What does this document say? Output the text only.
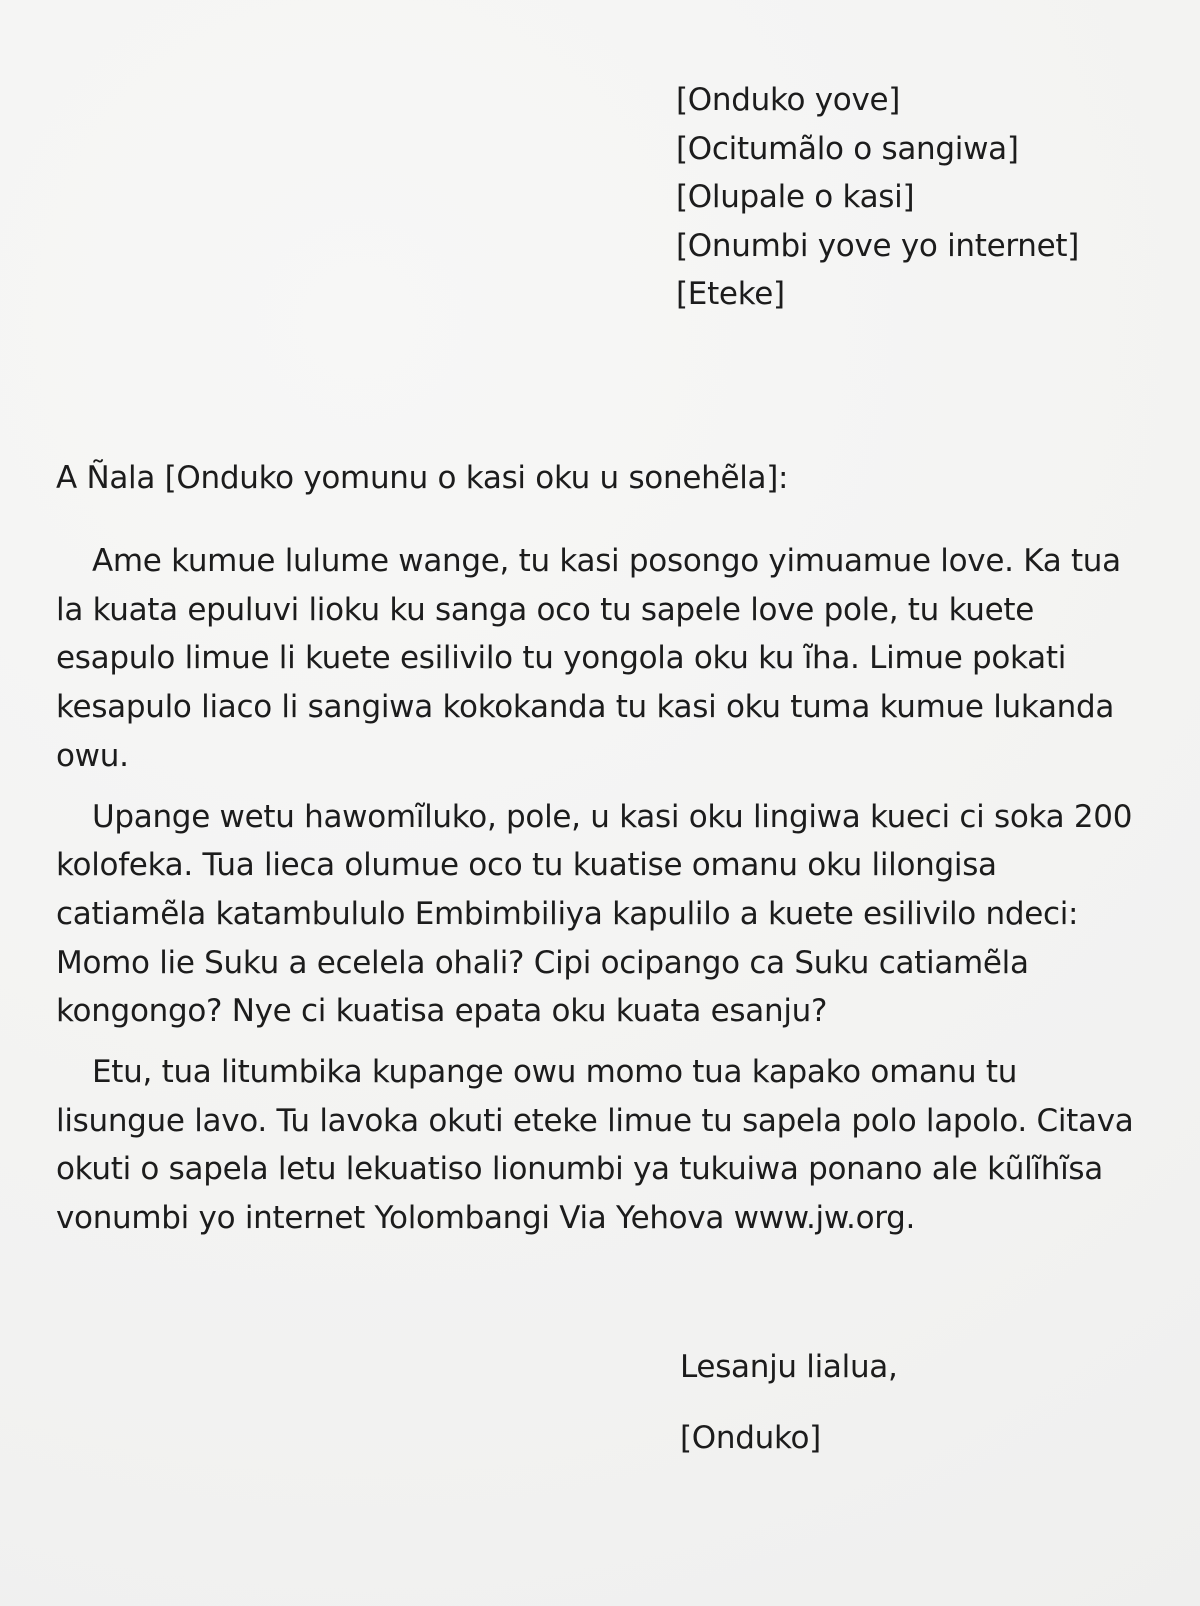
[Onduko yove]
[Ocitumãlo o sangiwa]
[Olupale o kasi]
[Onumbi yove yo internet]
[Eteke]
A Ñala [Onduko yomunu o kasi oku u sonehẽla]:

Ame kumue lulume wange, tu kasi posongo yimuamue love. Ka tua la kuata epuluvi lioku ku sanga oco tu sapele love pole, tu kuete esapulo limue li kuete esilivilo tu yongola oku ku ĩha. Limue pokati kesapulo liaco li sangiwa kokokanda tu kasi oku tuma kumue lukanda owu.

Upange wetu hawomĩluko, pole, u kasi oku lingiwa kueci ci soka 200 kolofeka. Tua lieca olumue oco tu kuatise omanu oku lilongisa catiamẽla katambululo Embimbiliya kapulilo a kuete esilivilo ndeci: Momo lie Suku a ecelela ohali? Cipi ocipango ca Suku catiamẽla kongongo? Nye ci kuatisa epata oku kuata esanju?

Etu, tua litumbika kupange owu momo tua kapako omanu tu lisungue lavo. Tu lavoka okuti eteke limue tu sapela polo lapolo. Citava okuti o sapela letu lekuatiso lionumbi ya tukuiwa ponano ale kũlĩhĩsa vonumbi yo internet Yolombangi Via Yehova www.jw.org.

Lesanju lialua,
[Onduko]
